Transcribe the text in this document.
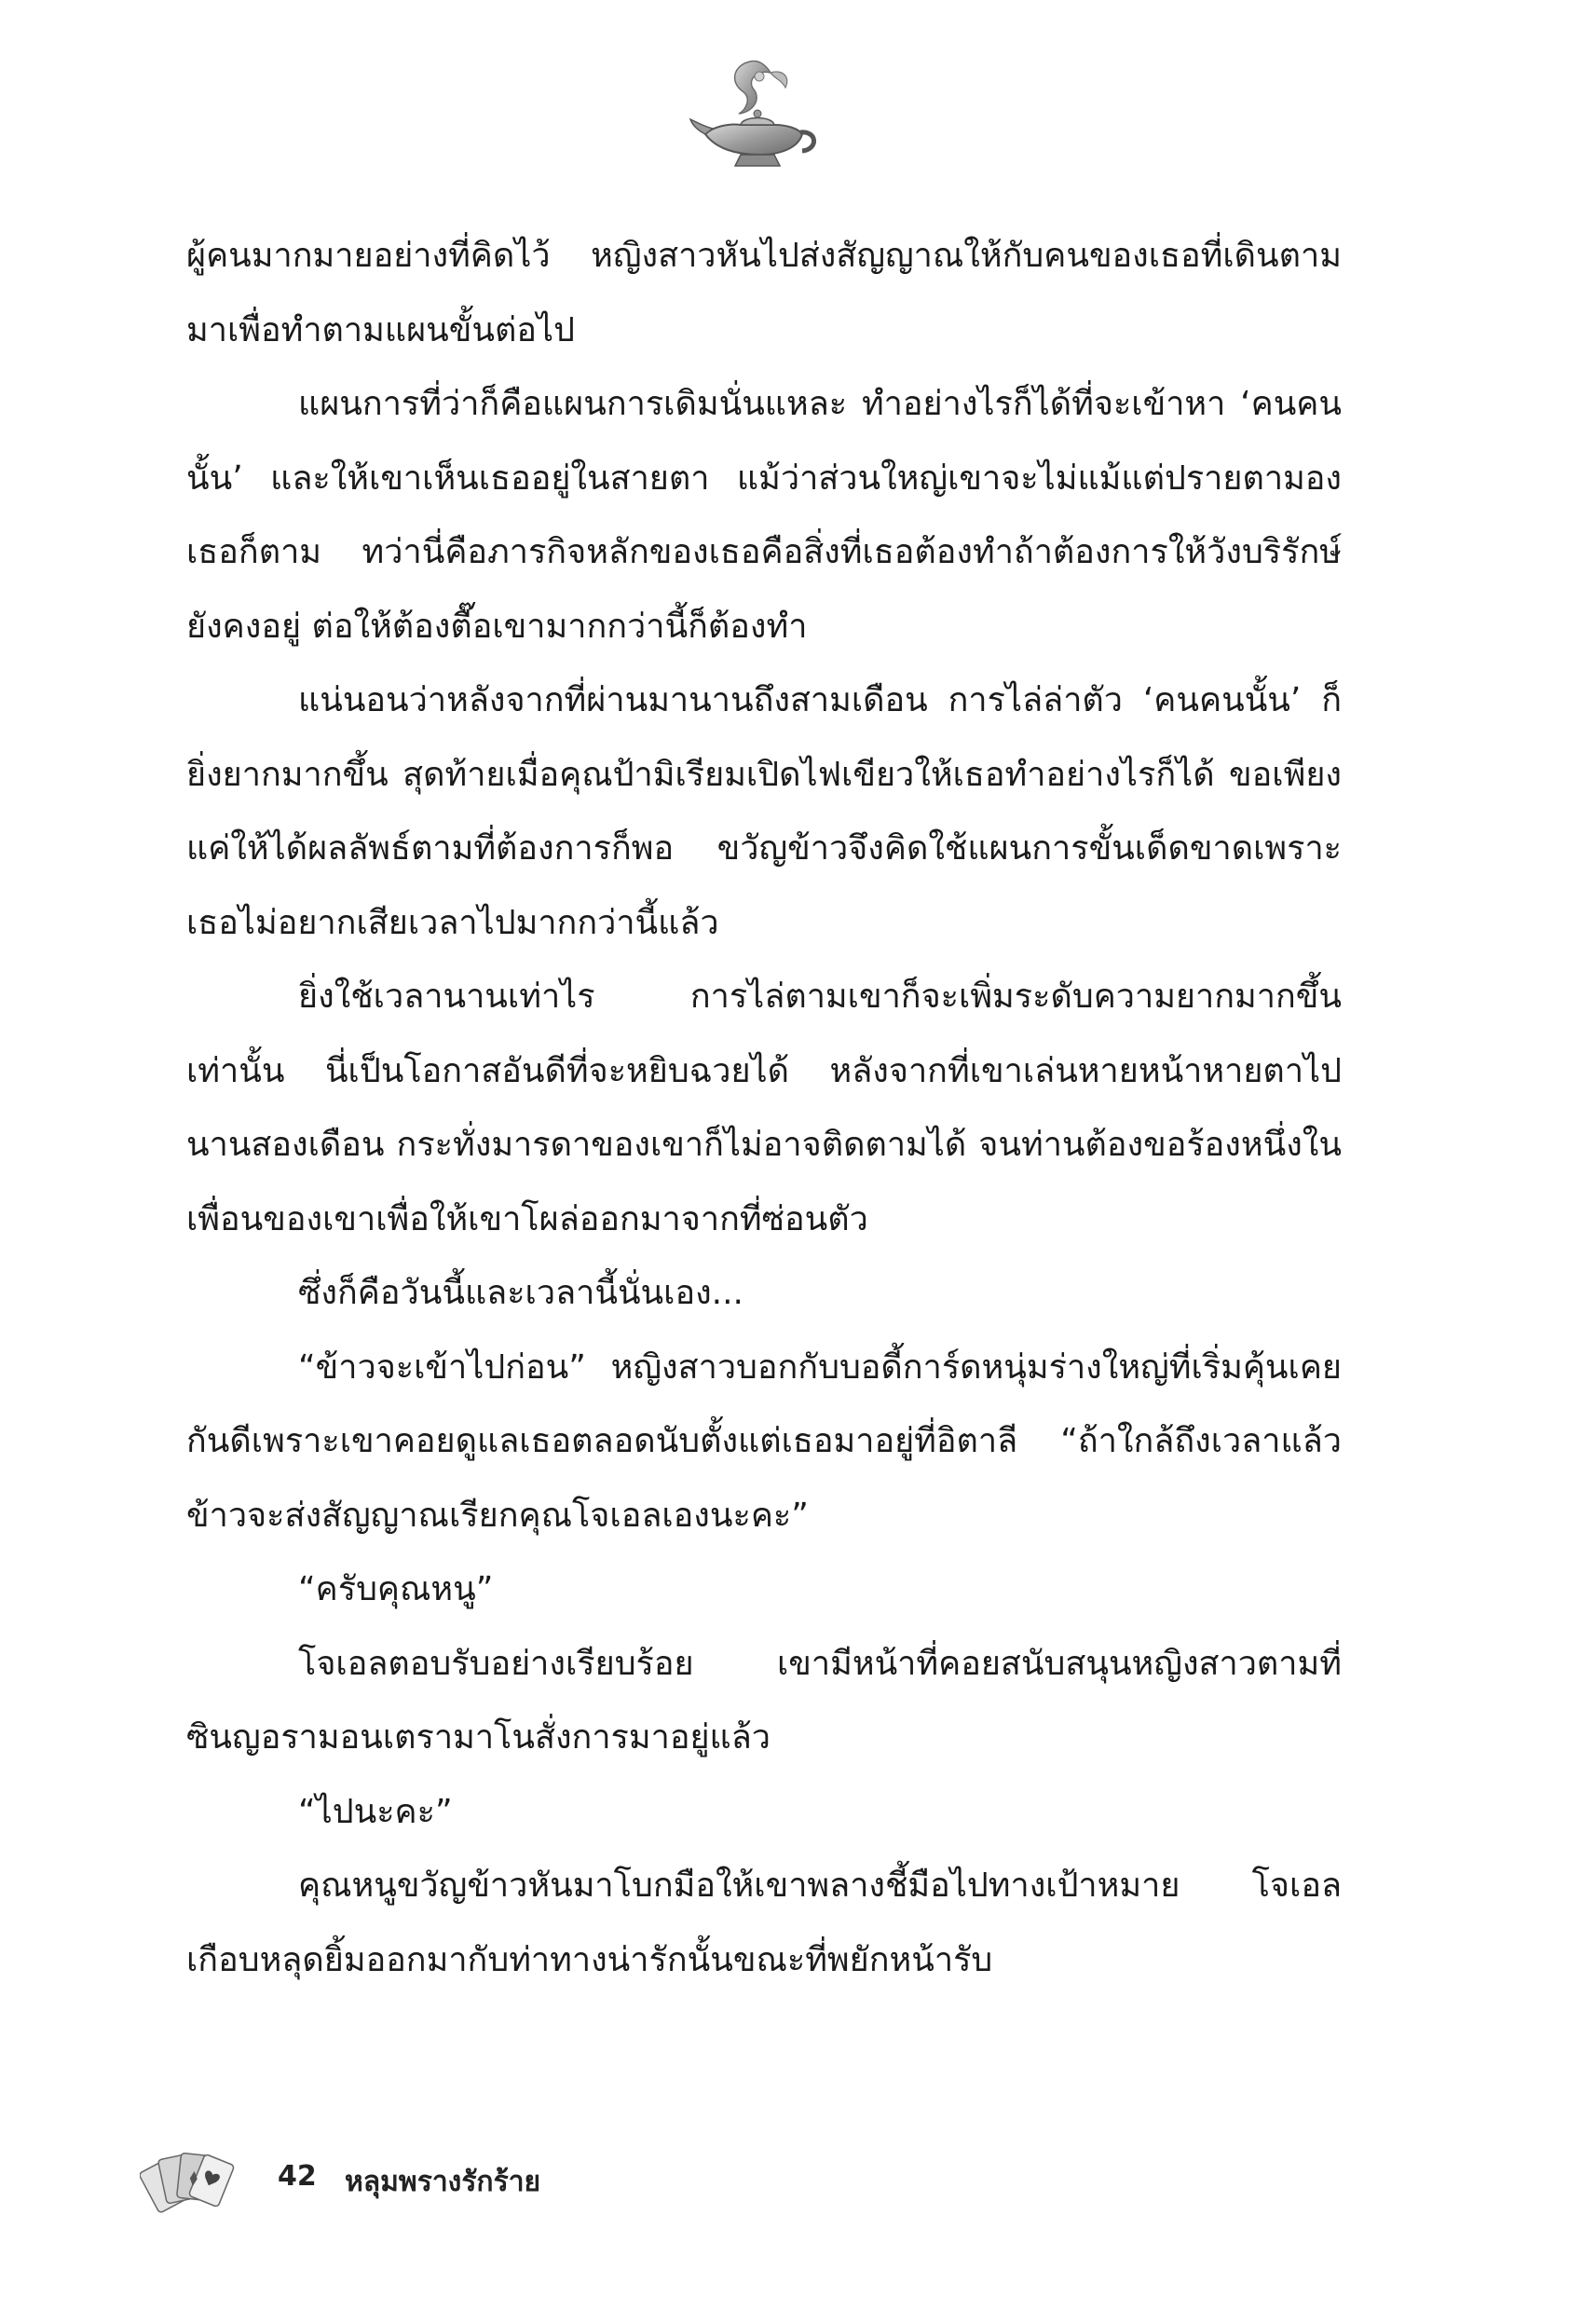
ผู้คนมากมายอย่างที่คิดไว้ หญิงสาวหันไปส่งสัญญาณให้กับคนของเธอที่เดินตามมาเพื่อทำตามแผนขั้นต่อไป

แผนการที่ว่าก็คือแผนการเดิมนั่นแหละ ทำอย่างไรก็ได้ที่จะเข้าหา ‘คนคนนั้น’ และให้เขาเห็นเธออยู่ในสายตา แม้ว่าส่วนใหญ่เขาจะไม่แม้แต่ปรายตามองเธอก็ตาม ทว่านี่คือภารกิจหลักของเธอคือสิ่งที่เธอต้องทำถ้าต้องการให้วังบริรักษ์ยังคงอยู่ ต่อให้ต้องตื๊อเขามากกว่านี้ก็ต้องทำ

แน่นอนว่าหลังจากที่ผ่านมานานถึงสามเดือน การไล่ล่าตัว ‘คนคนนั้น’ ก็ยิ่งยากมากขึ้น สุดท้ายเมื่อคุณป้ามิเรียมเปิดไฟเขียวให้เธอทำอย่างไรก็ได้ ขอเพียงแค่ให้ได้ผลลัพธ์ตามที่ต้องการก็พอ ขวัญข้าวจึงคิดใช้แผนการขั้นเด็ดขาดเพราะเธอไม่อยากเสียเวลาไปมากกว่านี้แล้ว

ยิ่งใช้เวลานานเท่าไร การไล่ตามเขาก็จะเพิ่มระดับความยากมากขึ้นเท่านั้น นี่เป็นโอกาสอันดีที่จะหยิบฉวยได้ หลังจากที่เขาเล่นหายหน้าหายตาไปนานสองเดือน กระทั่งมารดาของเขาก็ไม่อาจติดตามได้ จนท่านต้องขอร้องหนึ่งในเพื่อนของเขาเพื่อให้เขาโผล่ออกมาจากที่ซ่อนตัว

ซึ่งก็คือวันนี้และเวลานี้นั่นเอง...

“ข้าวจะเข้าไปก่อน” หญิงสาวบอกกับบอดี้การ์ดหนุ่มร่างใหญ่ที่เริ่มคุ้นเคยกันดีเพราะเขาคอยดูแลเธอตลอดนับตั้งแต่เธอมาอยู่ที่อิตาลี “ถ้าใกล้ถึงเวลาแล้วข้าวจะส่งสัญญาณเรียกคุณโจเอลเองนะคะ”

“ครับคุณหนู”

โจเอลตอบรับอย่างเรียบร้อย เขามีหน้าที่คอยสนับสนุนหญิงสาวตามที่ซินญอรามอนเตรามาโนสั่งการมาอยู่แล้ว

“ไปนะคะ”

คุณหนูขวัญข้าวหันมาโบกมือให้เขาพลางชี้มือไปทางเป้าหมาย โจเอลเกือบหลุดยิ้มออกมากับท่าทางน่ารักนั้นขณะที่พยักหน้ารับ

42 หลุมพรางรักร้าย
